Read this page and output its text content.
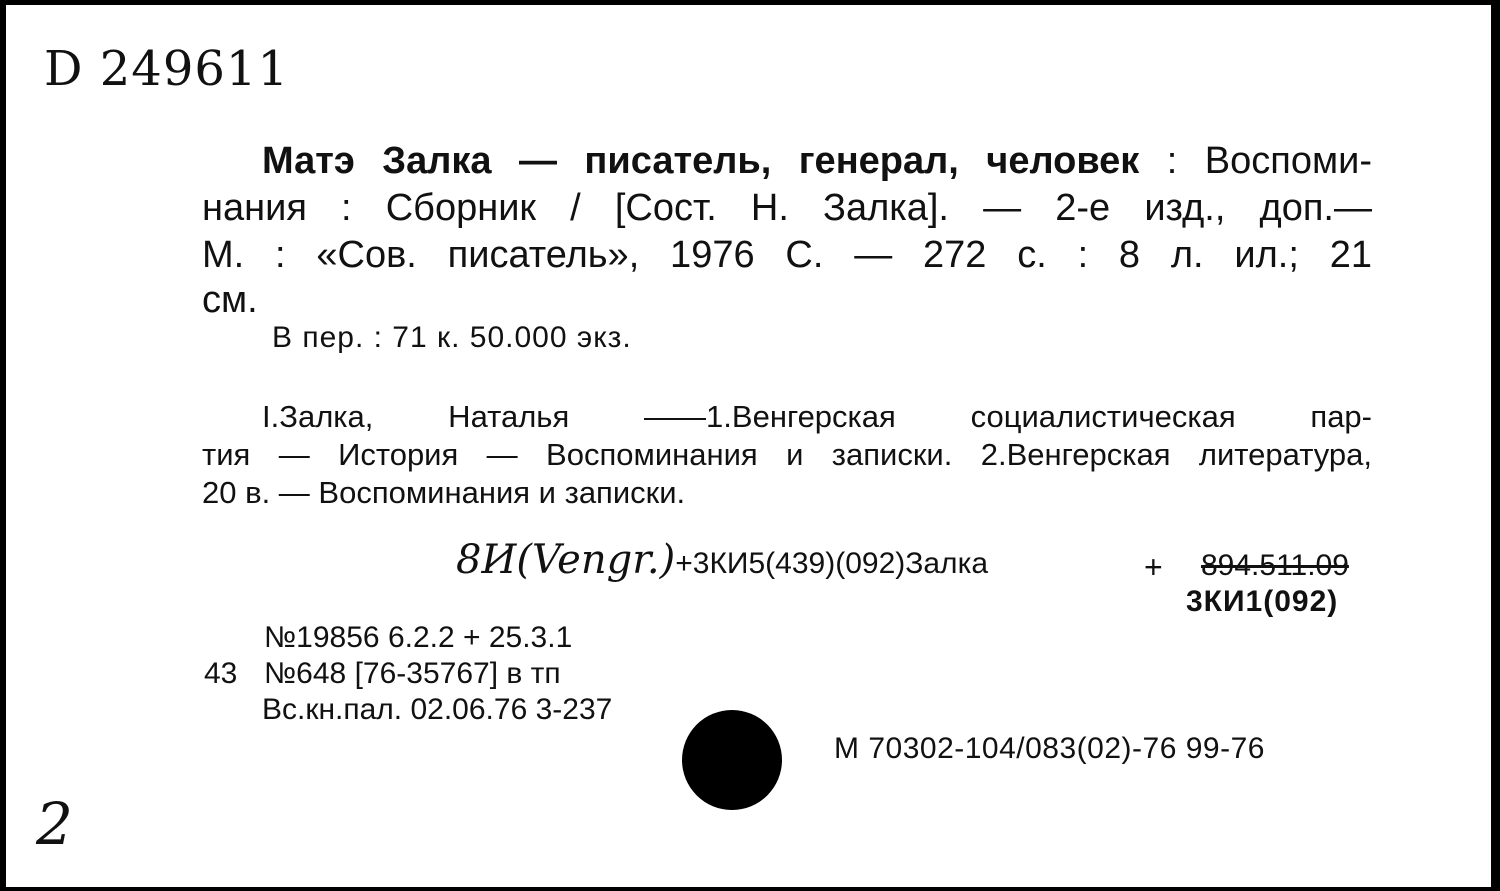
D 249611
Матэ Залка — писатель, генерал, человек : Воспоми-
нания : Сборник / [Сост. Н. Залка]. — 2-е изд., доп.—
М. : «Сов. писатель», 1976 С. — 272 с. : 8 л. ил.; 21
см.
В пер. : 71 к. 50.000 экз.
I.Залка, Наталья ——1.Венгерская социалистическая пар-
тия — История — Воспоминания и записки. 2.Венгерская литература,
20 в. — Воспоминания и записки.
8И(Vengr.)+3КИ5(439)(092)Залка	+ 894.511.09
3КИ1(092)
№19856 6.2.2 + 25.3.1
43 №648 [76-35767] в тп
Вс.кн.пал. 02.06.76 3-237
М 70302-104/083(02)-76 99-76
2
